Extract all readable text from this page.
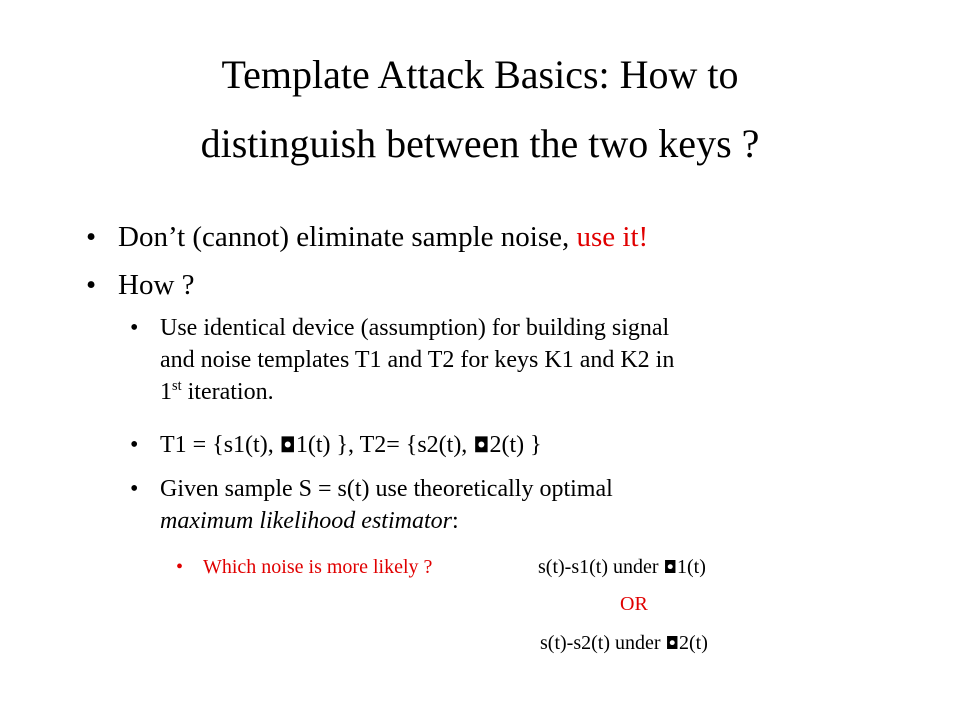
Template Attack Basics: How to
distinguish between the two keys ?
• Don’t (cannot) eliminate sample noise, use it!
• How ?
• Use identical device (assumption) for building signal
and noise templates T1 and T2 for keys K1 and K2 in
1st iteration.
• T1 = {s1(t), ◘1(t) }, T2= {s2(t), ◘2(t) }
• Given sample S = s(t) use theoretically optimal
maximum likelihood estimator:
• Which noise is more likely ?	s(t)-s1(t) under ◘1(t)
OR
s(t)-s2(t) under ◘2(t)
